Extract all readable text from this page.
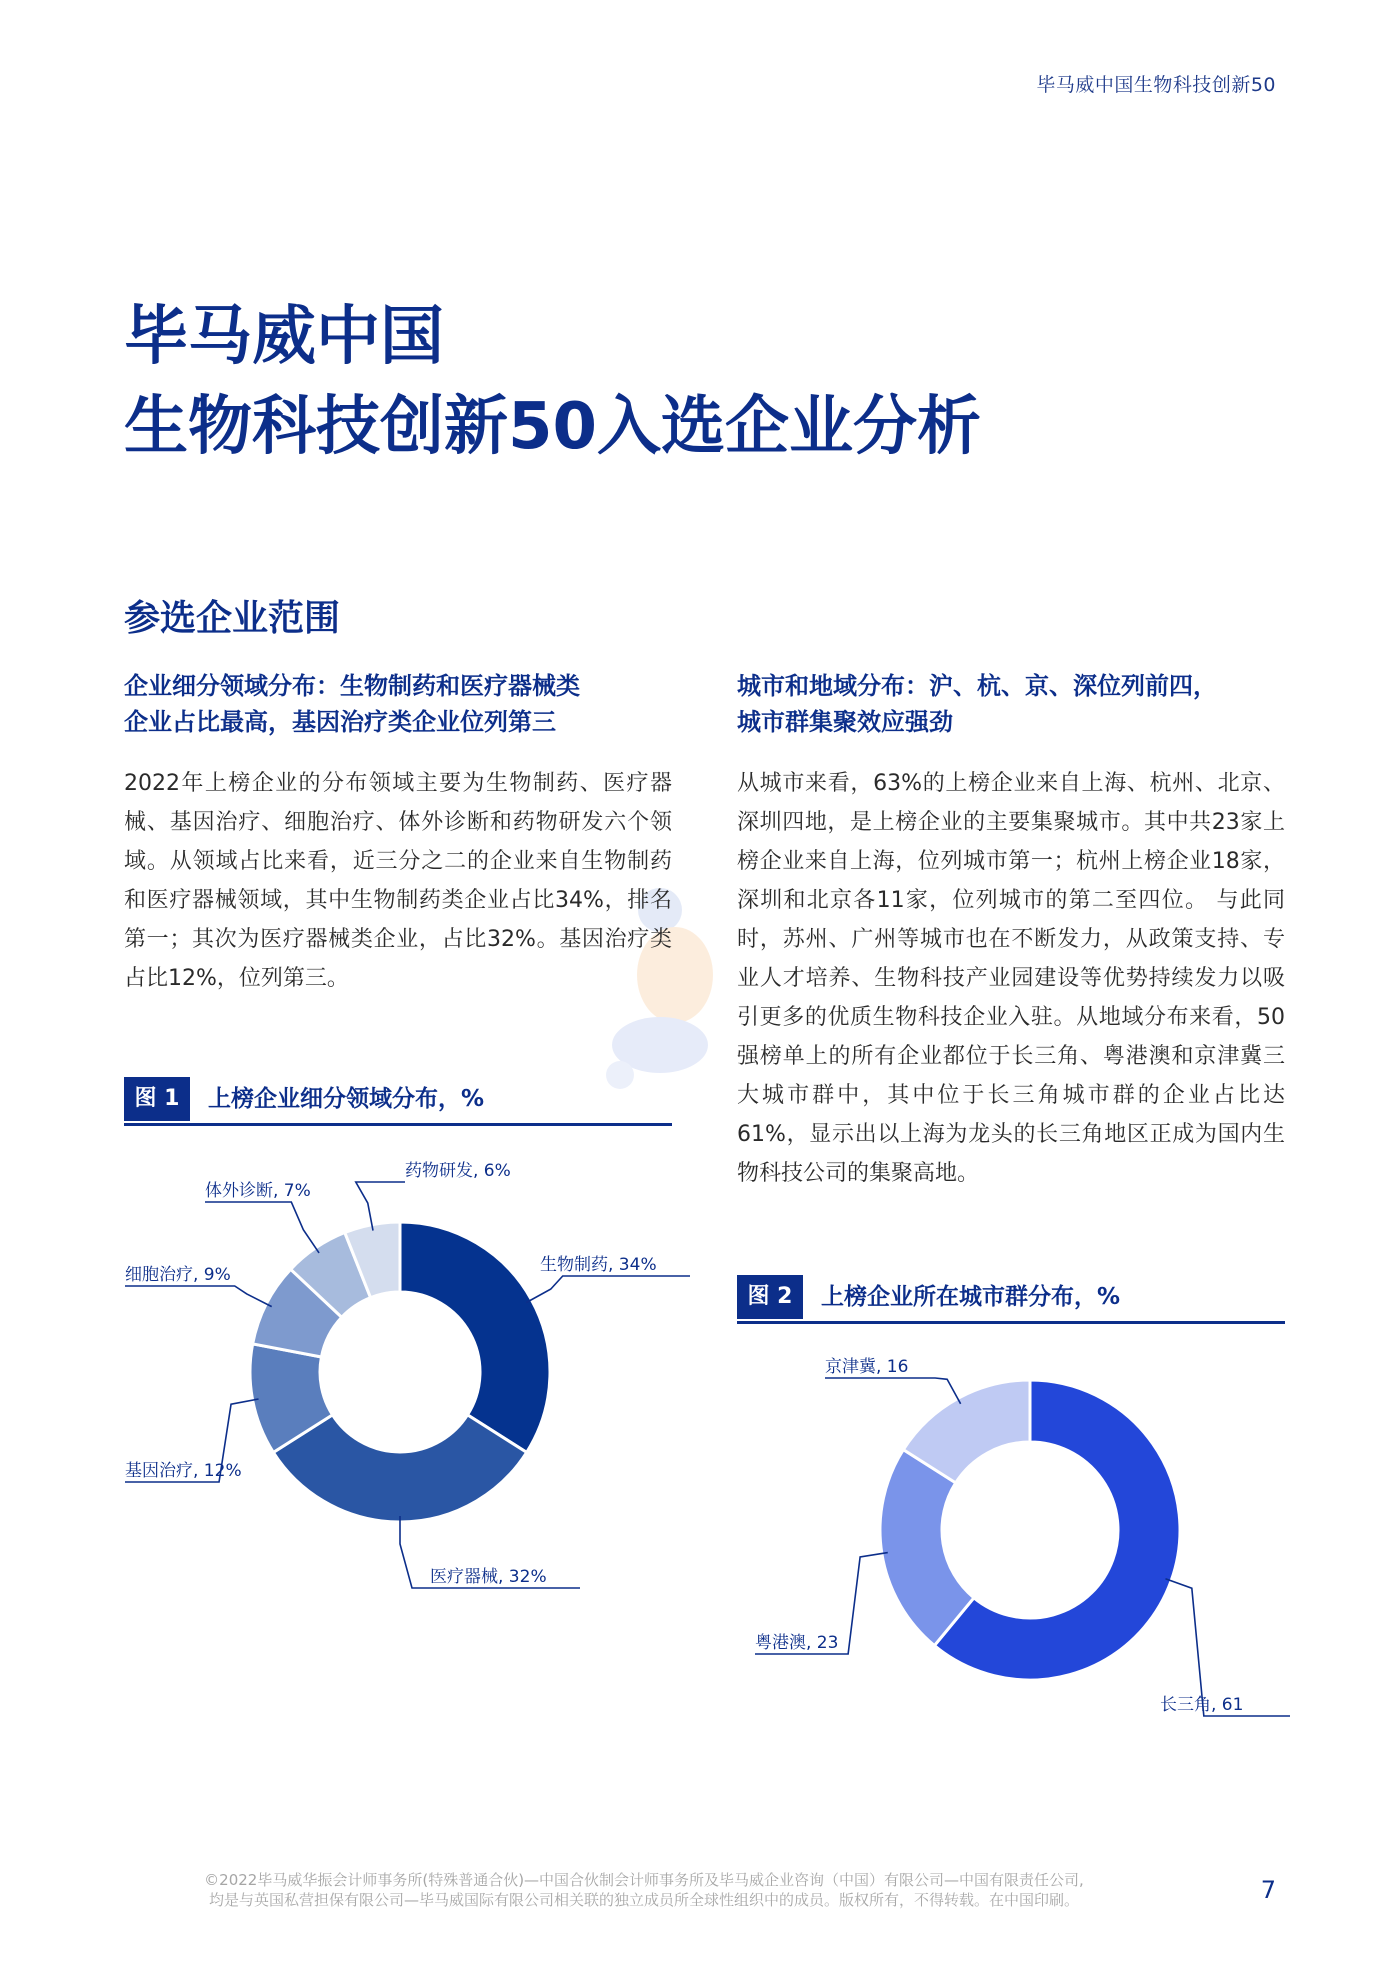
毕马威中国生物科技创新50
毕马威中国
生物科技创新50入选企业分析
参选企业范围

企业细分领域分布：生物制药和医疗器械类
企业占比最高，基因治疗类企业位列第三

2022年上榜企业的分布领域主要为生物制药、医疗器械、基因治疗、细胞治疗、体外诊断和药物研发六个领域。从领域占比来看，近三分之二的企业来自生物制药和医疗器械领域，其中生物制药类企业占比34%，排名第一；其次为医疗器械类企业，占比32%。基因治疗类占比12%，位列第三。

城市和地域分布：沪、杭、京、深位列前四，
城市群集聚效应强劲

从城市来看，63%的上榜企业来自上海、杭州、北京、深圳四地，是上榜企业的主要集聚城市。其中共23家上榜企业来自上海，位列城市第一；杭州上榜企业18家，深圳和北京各11家，位列城市的第二至四位。 与此同时，苏州、广州等城市也在不断发力，从政策支持、专业人才培养、生物科技产业园建设等优势持续发力以吸引更多的优质生物科技企业入驻。从地域分布来看，50强榜单上的所有企业都位于长三角、粤港澳和京津冀三大城市群中，其中位于长三角城市群的企业占比达61%，显示出以上海为龙头的长三角地区正成为国内生物科技公司的集聚高地。

图 1	上榜企业细分领域分布，%
生物制药, 34%
医疗器械, 32%
基因治疗, 12%
细胞治疗, 9%
体外诊断, 7%
药物研发, 6%
图 2	上榜企业所在城市群分布，%
长三角, 61
粤港澳, 23
京津冀, 16
©2022毕马威华振会计师事务所(特殊普通合伙)—中国合伙制会计师事务所及毕马威企业咨询（中国）有限公司—中国有限责任公司,
均是与英国私营担保有限公司—毕马威国际有限公司相关联的独立成员所全球性组织中的成员。版权所有，不得转载。在中国印刷。	7
